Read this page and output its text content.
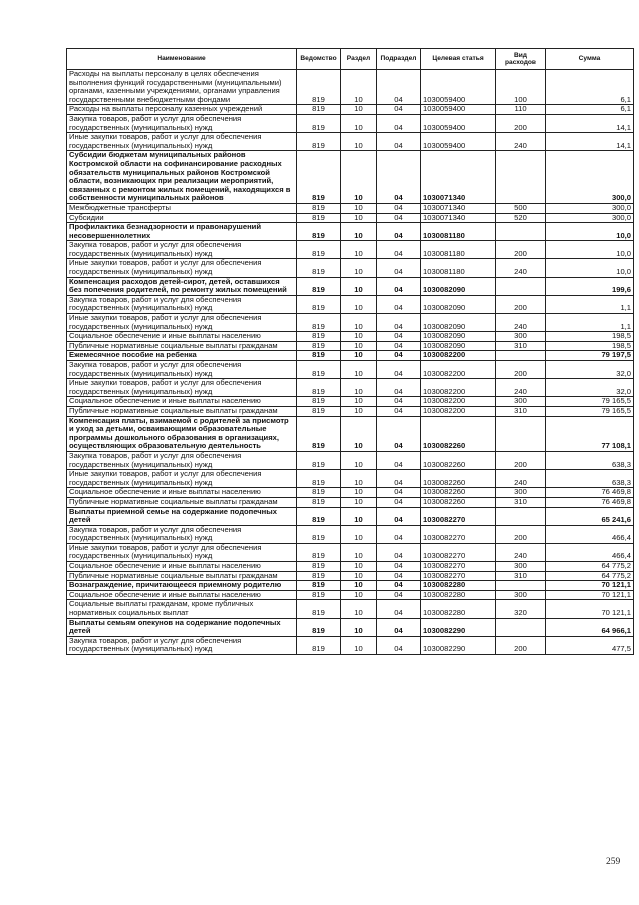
Наименование	Ведомство	Раздел	Подраздел	Целевая статья	Вид расходов	Сумма
Расходы на выплаты персоналу в целях обеспечения выполнения функций государственными (муниципальными) органами, казенными учреждениями, органами управления государственными внебюджетными фондами	819	10	04	1030059400	100	6,1
Расходы на выплаты персоналу казенных учреждений	819	10	04	1030059400	110	6,1
Закупка товаров, работ и услуг для обеспечения государственных (муниципальных) нужд	819	10	04	1030059400	200	14,1
Иные закупки товаров, работ и услуг для обеспечения государственных (муниципальных) нужд	819	10	04	1030059400	240	14,1
Субсидии бюджетам муниципальных районов Костромской области на софинансирование расходных обязательств муниципальных районов Костромской области, возникающих при реализации мероприятий, связанных с ремонтом жилых помещений, находящихся в собственности муниципальных районов	819	10	04	1030071340		300,0
Межбюджетные трансферты	819	10	04	1030071340	500	300,0
Субсидии	819	10	04	1030071340	520	300,0
Профилактика безнадзорности и правонарушений несовершеннолетних	819	10	04	1030081180		10,0
Закупка товаров, работ и услуг для обеспечения государственных (муниципальных) нужд	819	10	04	1030081180	200	10,0
Иные закупки товаров, работ и услуг для обеспечения государственных (муниципальных) нужд	819	10	04	1030081180	240	10,0
Компенсация расходов детей-сирот, детей, оставшихся без попечения родителей, по ремонту жилых помещений	819	10	04	1030082090		199,6
Закупка товаров, работ и услуг для обеспечения государственных (муниципальных) нужд	819	10	04	1030082090	200	1,1
Иные закупки товаров, работ и услуг для обеспечения государственных (муниципальных) нужд	819	10	04	1030082090	240	1,1
Социальное обеспечение и иные выплаты населению	819	10	04	1030082090	300	198,5
Публичные нормативные социальные выплаты гражданам	819	10	04	1030082090	310	198,5
Ежемесячное пособие на ребенка	819	10	04	1030082200		79 197,5
Закупка товаров, работ и услуг для обеспечения государственных (муниципальных) нужд	819	10	04	1030082200	200	32,0
Иные закупки товаров, работ и услуг для обеспечения государственных (муниципальных) нужд	819	10	04	1030082200	240	32,0
Социальное обеспечение и иные выплаты населению	819	10	04	1030082200	300	79 165,5
Публичные нормативные социальные выплаты гражданам	819	10	04	1030082200	310	79 165,5
Компенсация платы, взимаемой с родителей за присмотр и уход за детьми, осваивающими образовательные программы дошкольного образования в организациях, осуществляющих образовательную деятельность	819	10	04	1030082260		77 108,1
Закупка товаров, работ и услуг для обеспечения государственных (муниципальных) нужд	819	10	04	1030082260	200	638,3
Иные закупки товаров, работ и услуг для обеспечения государственных (муниципальных) нужд	819	10	04	1030082260	240	638,3
Социальное обеспечение и иные выплаты населению	819	10	04	1030082260	300	76 469,8
Публичные нормативные социальные выплаты гражданам	819	10	04	1030082260	310	76 469,8
Выплаты приемной семье на содержание подопечных детей	819	10	04	1030082270		65 241,6
Закупка товаров, работ и услуг для обеспечения государственных (муниципальных) нужд	819	10	04	1030082270	200	466,4
Иные закупки товаров, работ и услуг для обеспечения государственных (муниципальных) нужд	819	10	04	1030082270	240	466,4
Социальное обеспечение и иные выплаты населению	819	10	04	1030082270	300	64 775,2
Публичные нормативные социальные выплаты гражданам	819	10	04	1030082270	310	64 775,2
Вознаграждение, причитающееся приемному родителю	819	10	04	1030082280		70 121,1
Социальное обеспечение и иные выплаты населению	819	10	04	1030082280	300	70 121,1
Социальные выплаты гражданам, кроме публичных нормативных социальных выплат	819	10	04	1030082280	320	70 121,1
Выплаты семьям опекунов на содержание подопечных детей	819	10	04	1030082290		64 966,1
Закупка товаров, работ и услуг для обеспечения государственных (муниципальных) нужд	819	10	04	1030082290	200	477,5
259
